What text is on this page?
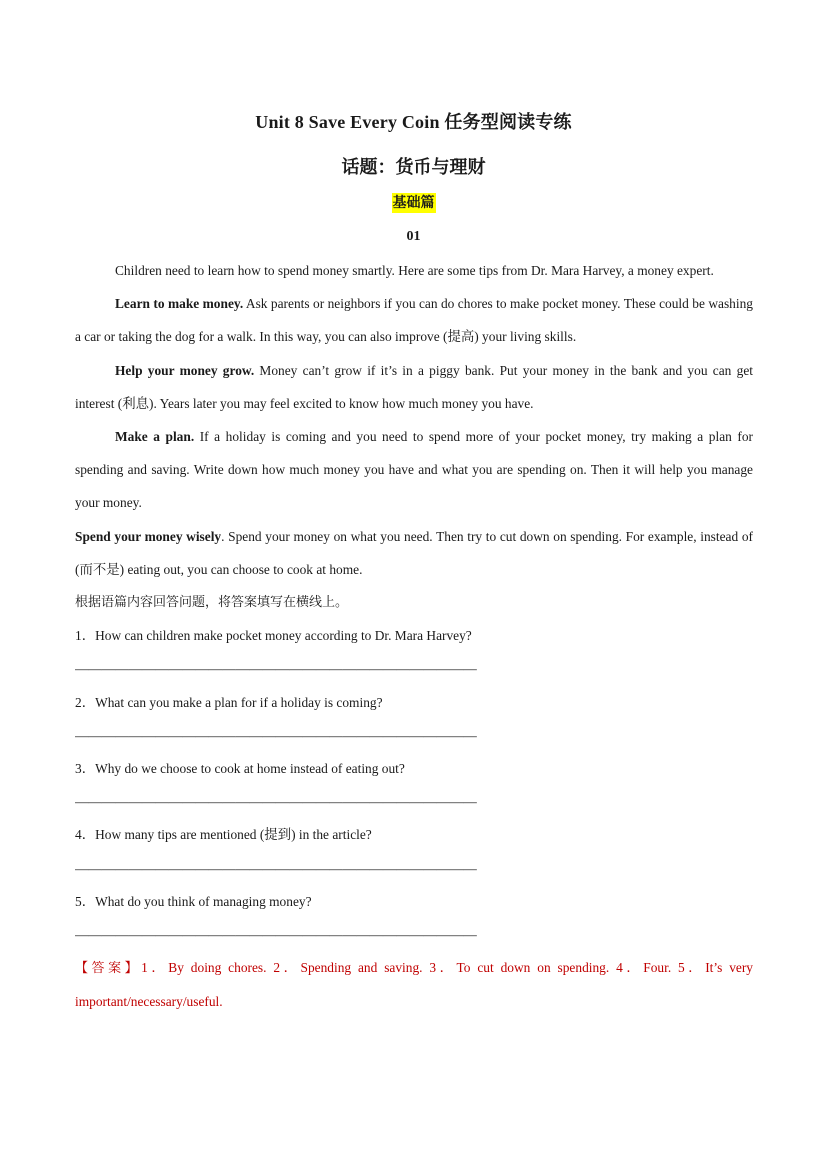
Unit 8 Save Every Coin 任务型阅读专练
话题：货币与理财
基础篇
01

Children need to learn how to spend money smartly. Here are some tips from Dr. Mara Harvey, a money expert.

Learn to make money. Ask parents or neighbors if you can do chores to make pocket money. These could be washing a car or taking the dog for a walk. In this way, you can also improve (提高) your living skills.

Help your money grow. Money can’t grow if it’s in a piggy bank. Put your money in the bank and you can get interest (利息). Years later you may feel excited to know how much money you have.

Make a plan. If a holiday is coming and you need to spend more of your pocket money, try making a plan for spending and saving. Write down how much money you have and what you are spending on. Then it will help you manage your money.

Spend your money wisely. Spend your money on what you need. Then try to cut down on spending. For example, instead of (而不是) eating out, you can choose to cook at home.

根据语篇内容回答问题，将答案填写在横线上。

1．How can children make pocket money according to Dr. Mara Harvey?

——————————————————————————————

2．What can you make a plan for if a holiday is coming?

——————————————————————————————

3．Why do we choose to cook at home instead of eating out?

——————————————————————————————

4．How many tips are mentioned (提到) in the article?

——————————————————————————————

5．What do you think of managing money?

——————————————————————————————

【答案】1．By doing chores. 2．Spending and saving. 3．To cut down on spending. 4．Four. 5．It’s very important/necessary/useful.
